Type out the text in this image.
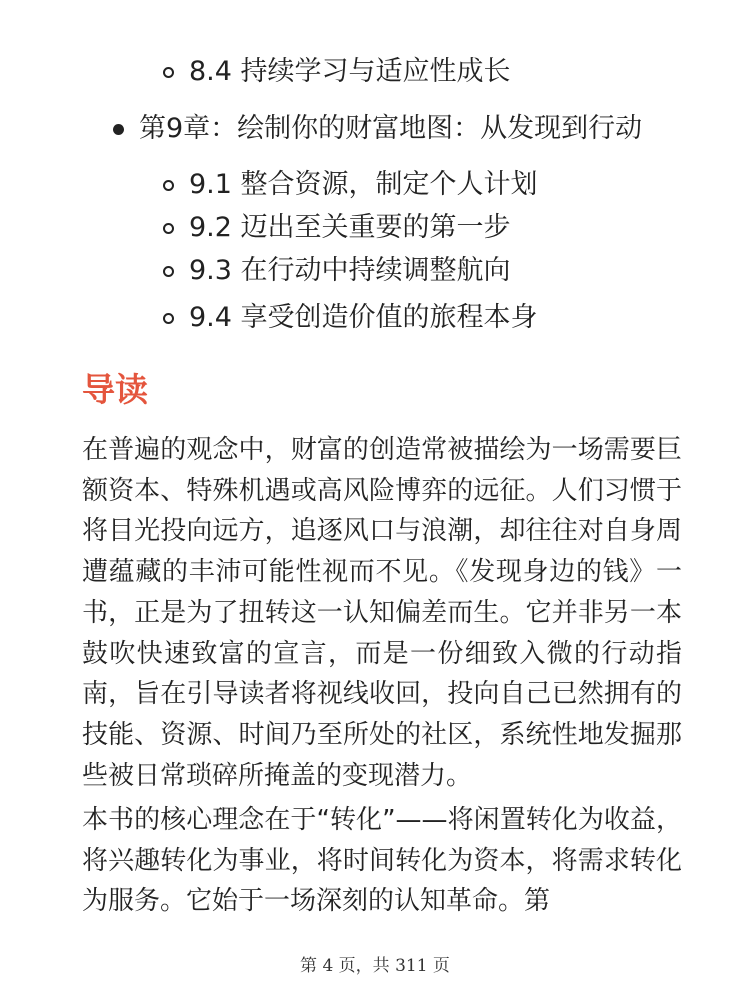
8.4 持续学习与适应性成长
第9章：绘制你的财富地图：从发现到行动
9.1 整合资源，制定个人计划
9.2 迈出至关重要的第一步
9.3 在行动中持续调整航向
9.4 享受创造价值的旅程本身
导读

在普遍的观念中，财富的创造常被描绘为一场需要巨额资本、特殊机遇或高风险博弈的远征。人们习惯于将目光投向远方，追逐风口与浪潮，却往往对自身周遭蕴藏的丰沛可能性视而不见。《发现身边的钱》一书，正是为了扭转这一认知偏差而生。它并非另一本鼓吹快速致富的宣言，而是一份细致入微的行动指南，旨在引导读者将视线收回，投向自己已然拥有的技能、资源、时间乃至所处的社区，系统性地发掘那些被日常琐碎所掩盖的变现潜力。

本书的核心理念在于“转化”——将闲置转化为收益，将兴趣转化为事业，将时间转化为资本，将需求转化为服务。它始于一场深刻的认知革命。第

第 4 页，共 311 页
